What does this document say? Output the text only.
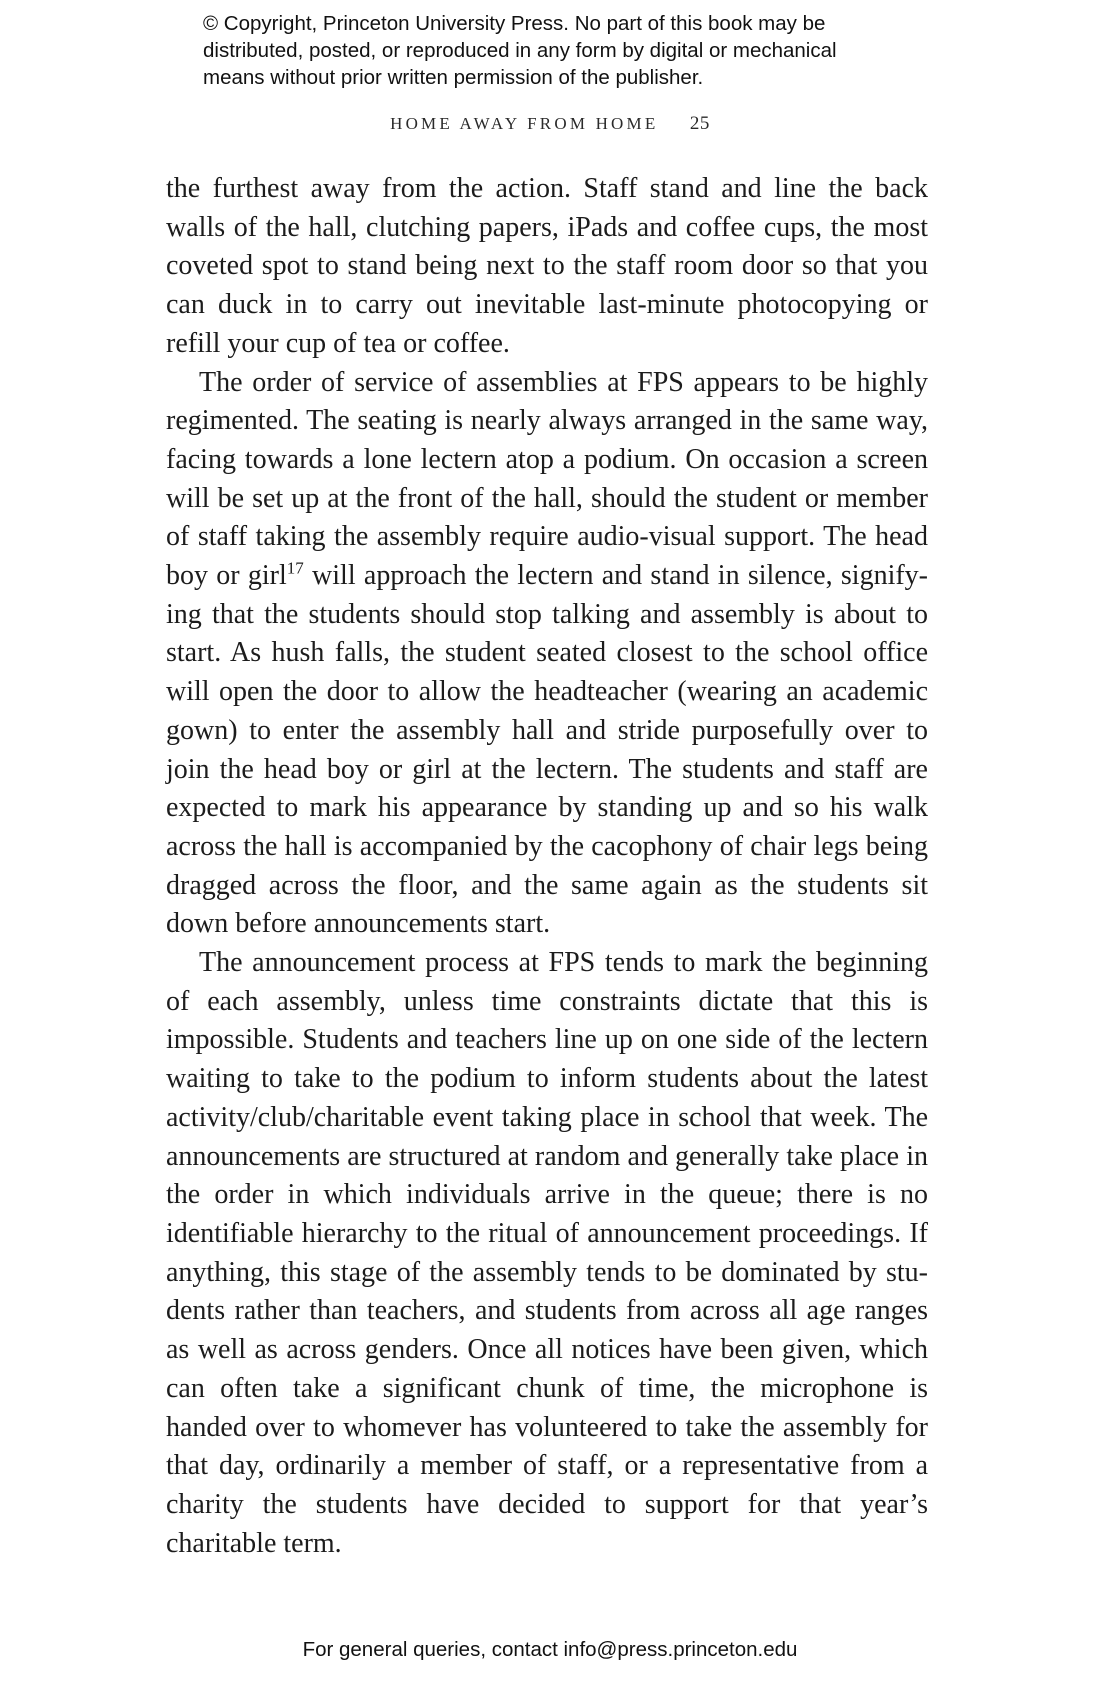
© Copyright, Princeton University Press. No part of this book may be
distributed, posted, or reproduced in any form by digital or mechanical
means without prior written permission of the publisher.
HOME AWAY FROM HOME 25

the furthest away from the action. Staff stand and line the back walls of the hall, clutching papers, iPads and coffee cups, the most coveted spot to stand being next to the staff room door so that you can duck in to carry out inevitable last-minute photocopying or refill your cup of tea or coffee.

The order of service of assemblies at FPS appears to be highly regimented. The seating is nearly always arranged in the same way, facing towards a lone lectern atop a podium. On occasion a screen will be set up at the front of the hall, should the student or member of staff taking the assembly require audio-visual support. The head boy or girl$^{17}$ will approach the lectern and stand in silence, signifying that the students should stop talking and assembly is about to start. As hush falls, the student seated closest to the school office will open the door to allow the headteacher (wearing an academic gown) to enter the assembly hall and stride purposefully over to join the head boy or girl at the lectern. The students and staff are expected to mark his appearance by standing up and so his walk across the hall is accompanied by the cacophony of chair legs being dragged across the floor, and the same again as the students sit down before announcements start.

The announcement process at FPS tends to mark the beginning of each assembly, unless time constraints dictate that this is impossible. Students and teachers line up on one side of the lectern waiting to take to the podium to inform students about the latest activity/club/charitable event taking place in school that week. The announcements are structured at random and generally take place in the order in which individuals arrive in the queue; there is no identifiable hierarchy to the ritual of announcement proceedings. If anything, this stage of the assembly tends to be dominated by students rather than teachers, and students from across all age ranges as well as across genders. Once all notices have been given, which can often take a significant chunk of time, the microphone is handed over to whomever has volunteered to take the assembly for that day, ordinarily a member of staff, or a representative from a charity the students have decided to support for that year’s charitable term.

For general queries, contact info@press.princeton.edu
